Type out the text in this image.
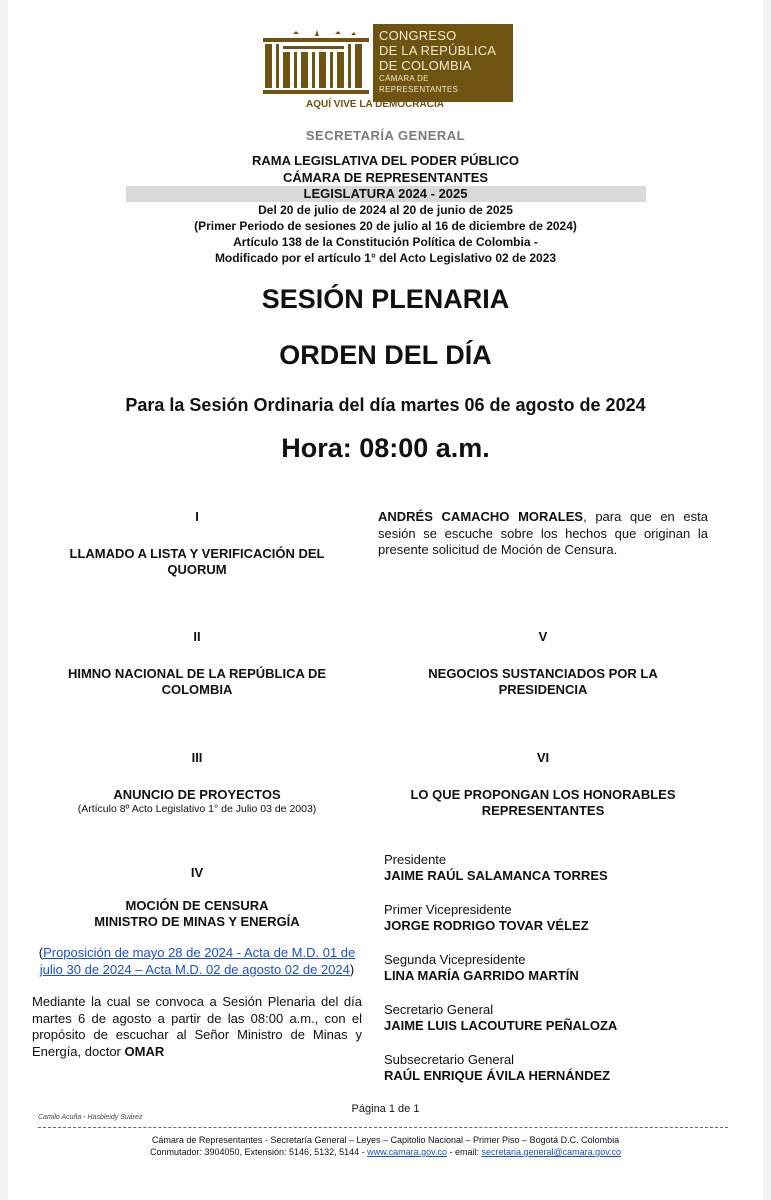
CONGRESO
DE LA REPÚBLICA
DE COLOMBIA
CÁMARA DE REPRESENTANTES
AQUÍ VIVE LA DEMOCRACIA
SECRETARÍA GENERAL
RAMA LEGISLATIVA DEL PODER PÚBLICO
CÁMARA DE REPRESENTANTES
LEGISLATURA 2024 - 2025
Del 20 de julio de 2024 al 20 de junio de 2025
(Primer Periodo de sesiones 20 de julio al 16 de diciembre de 2024)
Artículo 138 de la Constitución Política de Colombia -
Modificado por el artículo 1° del Acto Legislativo 02 de 2023
SESIÓN PLENARIA
ORDEN DEL DÍA
Para la Sesión Ordinaria del día martes 06 de agosto de 2024
Hora: 08:00 a.m.
I
LLAMADO A LISTA Y VERIFICACIÓN DEL
QUORUM
II
HIMNO NACIONAL DE LA REPÚBLICA DE
COLOMBIA
III
ANUNCIO DE PROYECTOS
(Artículo 8º Acto Legislativo 1° de Julio 03 de 2003)
IV
MOCIÓN DE CENSURA
MINISTRO DE MINAS Y ENERGÍA
(Proposición de mayo 28 de 2024 - Acta de M.D. 01 de julio 30 de 2024 – Acta M.D. 02 de agosto 02 de 2024)
Mediante la cual se convoca a Sesión Plenaria del día martes 6 de agosto a partir de las 08:00 a.m., con el propósito de escuchar al Señor Ministro de Minas y Energía, doctor OMAR
ANDRÉS CAMACHO MORALES, para que en esta sesión se escuche sobre los hechos que originan la presente solicitud de Moción de Censura.
V
NEGOCIOS SUSTANCIADOS POR LA
PRESIDENCIA
VI
LO QUE PROPONGAN LOS HONORABLES
REPRESENTANTES
Presidente
JAIME RAÚL SALAMANCA TORRES
Primer Vicepresidente
JORGE RODRIGO TOVAR VÉLEZ
Segunda Vicepresidente
LINA MARÍA GARRIDO MARTÍN
Secretario General
JAIME LUIS LACOUTURE PEÑALOZA
Subsecretario General
RAÚL ENRIQUE ÁVILA HERNÁNDEZ
Página 1 de 1
Camilo Acuña - Hasbleidy Suárez
Cámara de Representantes - Secretaría General – Leyes – Capitolio Nacional – Primer Piso – Bogotá D.C. Colombia
Conmutador: 3904050, Extensión: 5146, 5132, 5144 - www.camara.gov.co - email: secretaria.general@camara.gov.co
